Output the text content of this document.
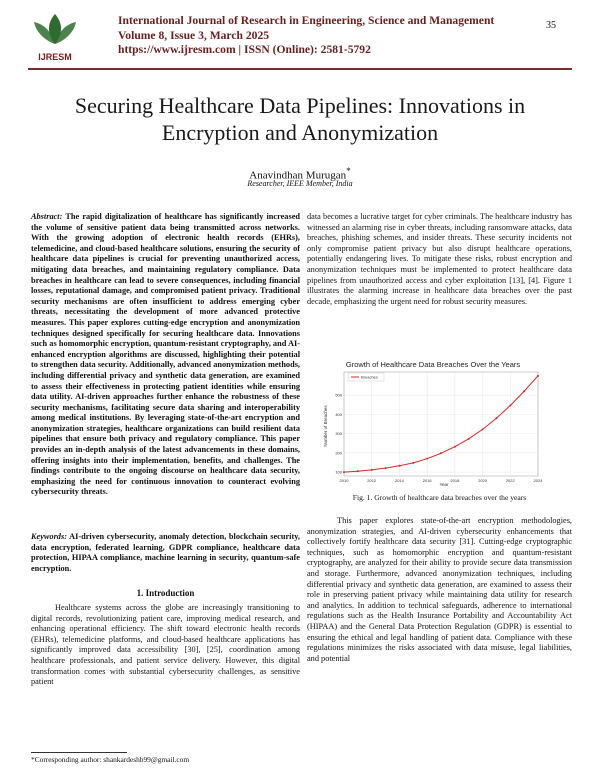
IJRESM
International Journal of Research in Engineering, Science and Management
Volume 8, Issue 3, March 2025
https://www.ijresm.com | ISSN (Online): 2581-5792
35
Securing Healthcare Data Pipelines: Innovations in Encryption and Anonymization
Anavindhan Murugan*
Researcher, IEEE Member, India
Abstract: The rapid digitalization of healthcare has significantly increased the volume of sensitive patient data being transmitted across networks. With the growing adoption of electronic health records (EHRs), telemedicine, and cloud-based healthcare solutions, ensuring the security of healthcare data pipelines is crucial for preventing unauthorized access, mitigating data breaches, and maintaining regulatory compliance. Data breaches in healthcare can lead to severe consequences, including financial losses, reputational damage, and compromised patient privacy. Traditional security mechanisms are often insufficient to address emerging cyber threats, necessitating the development of more advanced protective measures. This paper explores cutting-edge encryption and anonymization techniques designed specifically for securing healthcare data. Innovations such as homomorphic encryption, quantum-resistant cryptography, and AI-enhanced encryption algorithms are discussed, highlighting their potential to strengthen data security. Additionally, advanced anonymization methods, including differential privacy and synthetic data generation, are examined to assess their effectiveness in protecting patient identities while ensuring data utility. AI-driven approaches further enhance the robustness of these security mechanisms, facilitating secure data sharing and interoperability among medical institutions. By leveraging state-of-the-art encryption and anonymization strategies, healthcare organizations can build resilient data pipelines that ensure both privacy and regulatory compliance. This paper provides an in-depth analysis of the latest advancements in these domains, offering insights into their implementation, benefits, and challenges. The findings contribute to the ongoing discourse on healthcare data security, emphasizing the need for continuous innovation to counteract evolving cybersecurity threats.
Keywords: AI-driven cybersecurity, anomaly detection, blockchain security, data encryption, federated learning, GDPR compliance, healthcare data protection, HIPAA compliance, machine learning in security, quantum-safe encryption.
1. Introduction
Healthcare systems across the globe are increasingly transitioning to digital records, revolutionizing patient care, improving medical research, and enhancing operational efficiency. The shift toward electronic health records (EHRs), telemedicine platforms, and cloud-based healthcare applications has significantly improved data accessibility [30], [25], coordination among healthcare professionals, and patient service delivery. However, this digital transformation comes with substantial cybersecurity challenges, as sensitive patient
*Corresponding author: shankardeshb99@gmail.com
data becomes a lucrative target for cyber criminals. The healthcare industry has witnessed an alarming rise in cyber threats, including ransomware attacks, data breaches, phishing schemes, and insider threats. These security incidents not only compromise patient privacy but also disrupt healthcare operations, potentially endangering lives. To mitigate these risks, robust encryption and anonymization techniques must be implemented to protect healthcare data pipelines from unauthorized access and cyber exploitation [13], [4]. Figure 1 illustrates the alarming increase in healthcare data breaches over the past decade, emphasizing the urgent need for robust security measures.
Growth of Healthcare Data Breaches Over the Years
Number of Breaches
Year
100
200
300
400
500
2010	2012	2014	2016	2018	2020	2022	2024
Breaches
Fig. 1. Growth of healthcare data breaches over the years
This paper explores state-of-the-art encryption methodologies, anonymization strategies, and AI-driven cybersecurity enhancements that collectively fortify healthcare data security [31]. Cutting-edge cryptographic techniques, such as homomorphic encryption and quantum-resistant cryptography, are analyzed for their ability to provide secure data transmission and storage. Furthermore, advanced anonymization techniques, including differential privacy and synthetic data generation, are examined to assess their role in preserving patient privacy while maintaining data utility for research and analytics. In addition to technical safeguards, adherence to international regulations such as the Health Insurance Portability and Accountability Act (HIPAA) and the General Data Protection Regulation (GDPR) is essential to ensuring the ethical and legal handling of patient data. Compliance with these regulations minimizes the risks associated with data misuse, legal liabilities, and potential
